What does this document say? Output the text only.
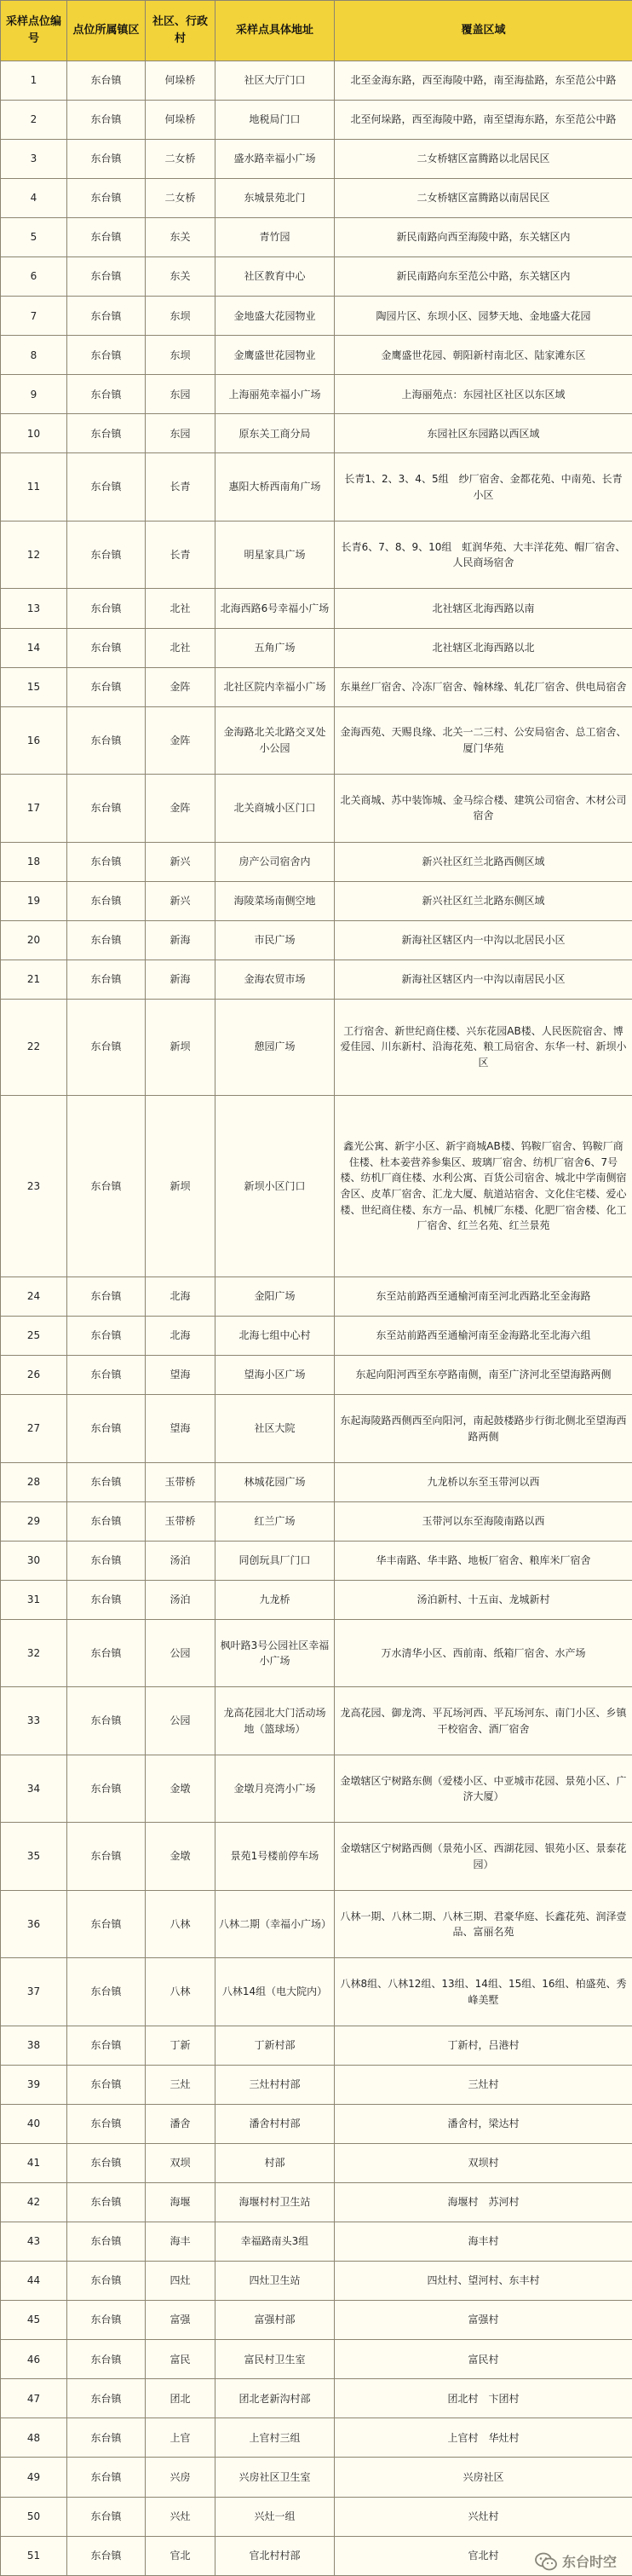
采样点位编号	点位所属镇区	社区、行政村	采样点具体地址	覆盖区域
1	东台镇	何垛桥	社区大厅门口	北至金海东路，西至海陵中路，南至海盐路，东至范公中路
2	东台镇	何垛桥	地税局门口	北至何垛路，西至海陵中路，南至望海东路，东至范公中路
3	东台镇	二女桥	盛水路幸福小广场	二女桥辖区富腾路以北居民区
4	东台镇	二女桥	东城景苑北门	二女桥辖区富腾路以南居民区
5	东台镇	东关	青竹园	新民南路向西至海陵中路，东关辖区内
6	东台镇	东关	社区教育中心	新民南路向东至范公中路，东关辖区内
7	东台镇	东坝	金地盛大花园物业	陶园片区、东坝小区、园梦天地、金地盛大花园
8	东台镇	东坝	金鹰盛世花园物业	金鹰盛世花园、朝阳新村南北区、陆家滩东区
9	东台镇	东园	上海丽苑幸福小广场	上海丽苑点：东园社区社区以东区域
10	东台镇	东园	原东关工商分局	东园社区东园路以西区域
11	东台镇	长青	惠阳大桥西南角广场	长青1、2、3、4、5组　纱厂宿舍、金都花苑、中南苑、长青小区
12	东台镇	长青	明星家具广场	长青6、7、8、9、10组　虹润华苑、大丰洋花苑、帽厂宿舍、人民商场宿舍
13	东台镇	北社	北海西路6号幸福小广场	北社辖区北海西路以南
14	东台镇	北社	五角广场	北社辖区北海西路以北
15	东台镇	金阵	北社区院内幸福小广场	东巢丝厂宿舍、冷冻厂宿舍、翰林缘、轧花厂宿舍、供电局宿舍
16	东台镇	金阵	金海路北关北路交叉处小公园	金海西苑、天赐良缘、北关一二三村、公安局宿舍、总工宿舍、厦门华苑
17	东台镇	金阵	北关商城小区门口	北关商城、苏中装饰城、金马综合楼、建筑公司宿舍、木材公司宿舍
18	东台镇	新兴	房产公司宿舍内	新兴社区红兰北路西侧区域
19	东台镇	新兴	海陵菜场南侧空地	新兴社区红兰北路东侧区域
20	东台镇	新海	市民广场	新海社区辖区内一中沟以北居民小区
21	东台镇	新海	金海农贸市场	新海社区辖区内一中沟以南居民小区
22	东台镇	新坝	憩园广场	工行宿舍、新世纪商住楼、兴东花园AB楼、人民医院宿舍、博爱佳园、川东新村、沿海花苑、粮工局宿舍、东华一村、新坝小区
23	东台镇	新坝	新坝小区门口	鑫光公寓、新宇小区、新宇商城AB楼、钨鞍厂宿舍、钨鞍厂商住楼、杜本姜营养参集区、玻璃厂宿舍、纺机厂宿舍6、7号楼、纺机厂商住楼、水利公寓、百货公司宿舍、城北中学南侧宿舍区、皮革厂宿舍、汇龙大厦、航道站宿舍、文化住宅楼、爱心楼、世纪商住楼、东方一品、机械厂东楼、化肥厂宿舍楼、化工厂宿舍、红兰名苑、红兰景苑
24	东台镇	北海	金阳广场	东至站前路西至通榆河南至河北西路北至金海路
25	东台镇	北海	北海七组中心村	东至站前路西至通榆河南至金海路北至北海六组
26	东台镇	望海	望海小区广场	东起向阳河西至东亭路南侧，南至广济河北至望海路两侧
27	东台镇	望海	社区大院	东起海陵路西侧西至向阳河，南起鼓楼路步行街北侧北至望海西路两侧
28	东台镇	玉带桥	林城花园广场	九龙桥以东至玉带河以西
29	东台镇	玉带桥	红兰广场	玉带河以东至海陵南路以西
30	东台镇	汤泊	同创玩具厂门口	华丰南路、华丰路、地板厂宿舍、粮库米厂宿舍
31	东台镇	汤泊	九龙桥	汤泊新村、十五亩、龙城新村
32	东台镇	公园	枫叶路3号公园社区幸福小广场	万水清华小区、西前南、纸箱厂宿舍、水产场
33	东台镇	公园	龙高花园北大门活动场地（篮球场）	龙高花园、御龙湾、平瓦场河西、平瓦场河东、南门小区、乡镇干校宿舍、酒厂宿舍
34	东台镇	金墩	金墩月亮湾小广场	金墩辖区宁树路东侧（爱楼小区、中亚城市花园、景苑小区、广济大厦）
35	东台镇	金墩	景苑1号楼前停车场	金墩辖区宁树路西侧（景苑小区、西湖花园、银苑小区、景泰花园）
36	东台镇	八林	八林二期（幸福小广场）	八林一期、八林二期、八林三期、君豪华庭、长鑫花苑、润泽壹品、富丽名苑
37	东台镇	八林	八林14组（电大院内）	八林8组、八林12组、13组、14组、15组、16组、柏盛苑、秀峰美墅
38	东台镇	丁新	丁新村部	丁新村，吕港村
39	东台镇	三灶	三灶村村部	三灶村
40	东台镇	潘舍	潘舍村村部	潘舍村，梁达村
41	东台镇	双坝	村部	双坝村
42	东台镇	海堰	海堰村村卫生站	海堰村　苏河村
43	东台镇	海丰	幸福路南头3组	海丰村
44	东台镇	四灶	四灶卫生站	四灶村、望河村、东丰村
45	东台镇	富强	富强村部	富强村
46	东台镇	富民	富民村卫生室	富民村
47	东台镇	团北	团北老新沟村部	团北村　卞团村
48	东台镇	上官	上官村三组	上官村　华灶村
49	东台镇	兴房	兴房社区卫生室	兴房社区
50	东台镇	兴灶	兴灶一组	兴灶村
51	东台镇	官北	官北村村部	官北村	东台时空
